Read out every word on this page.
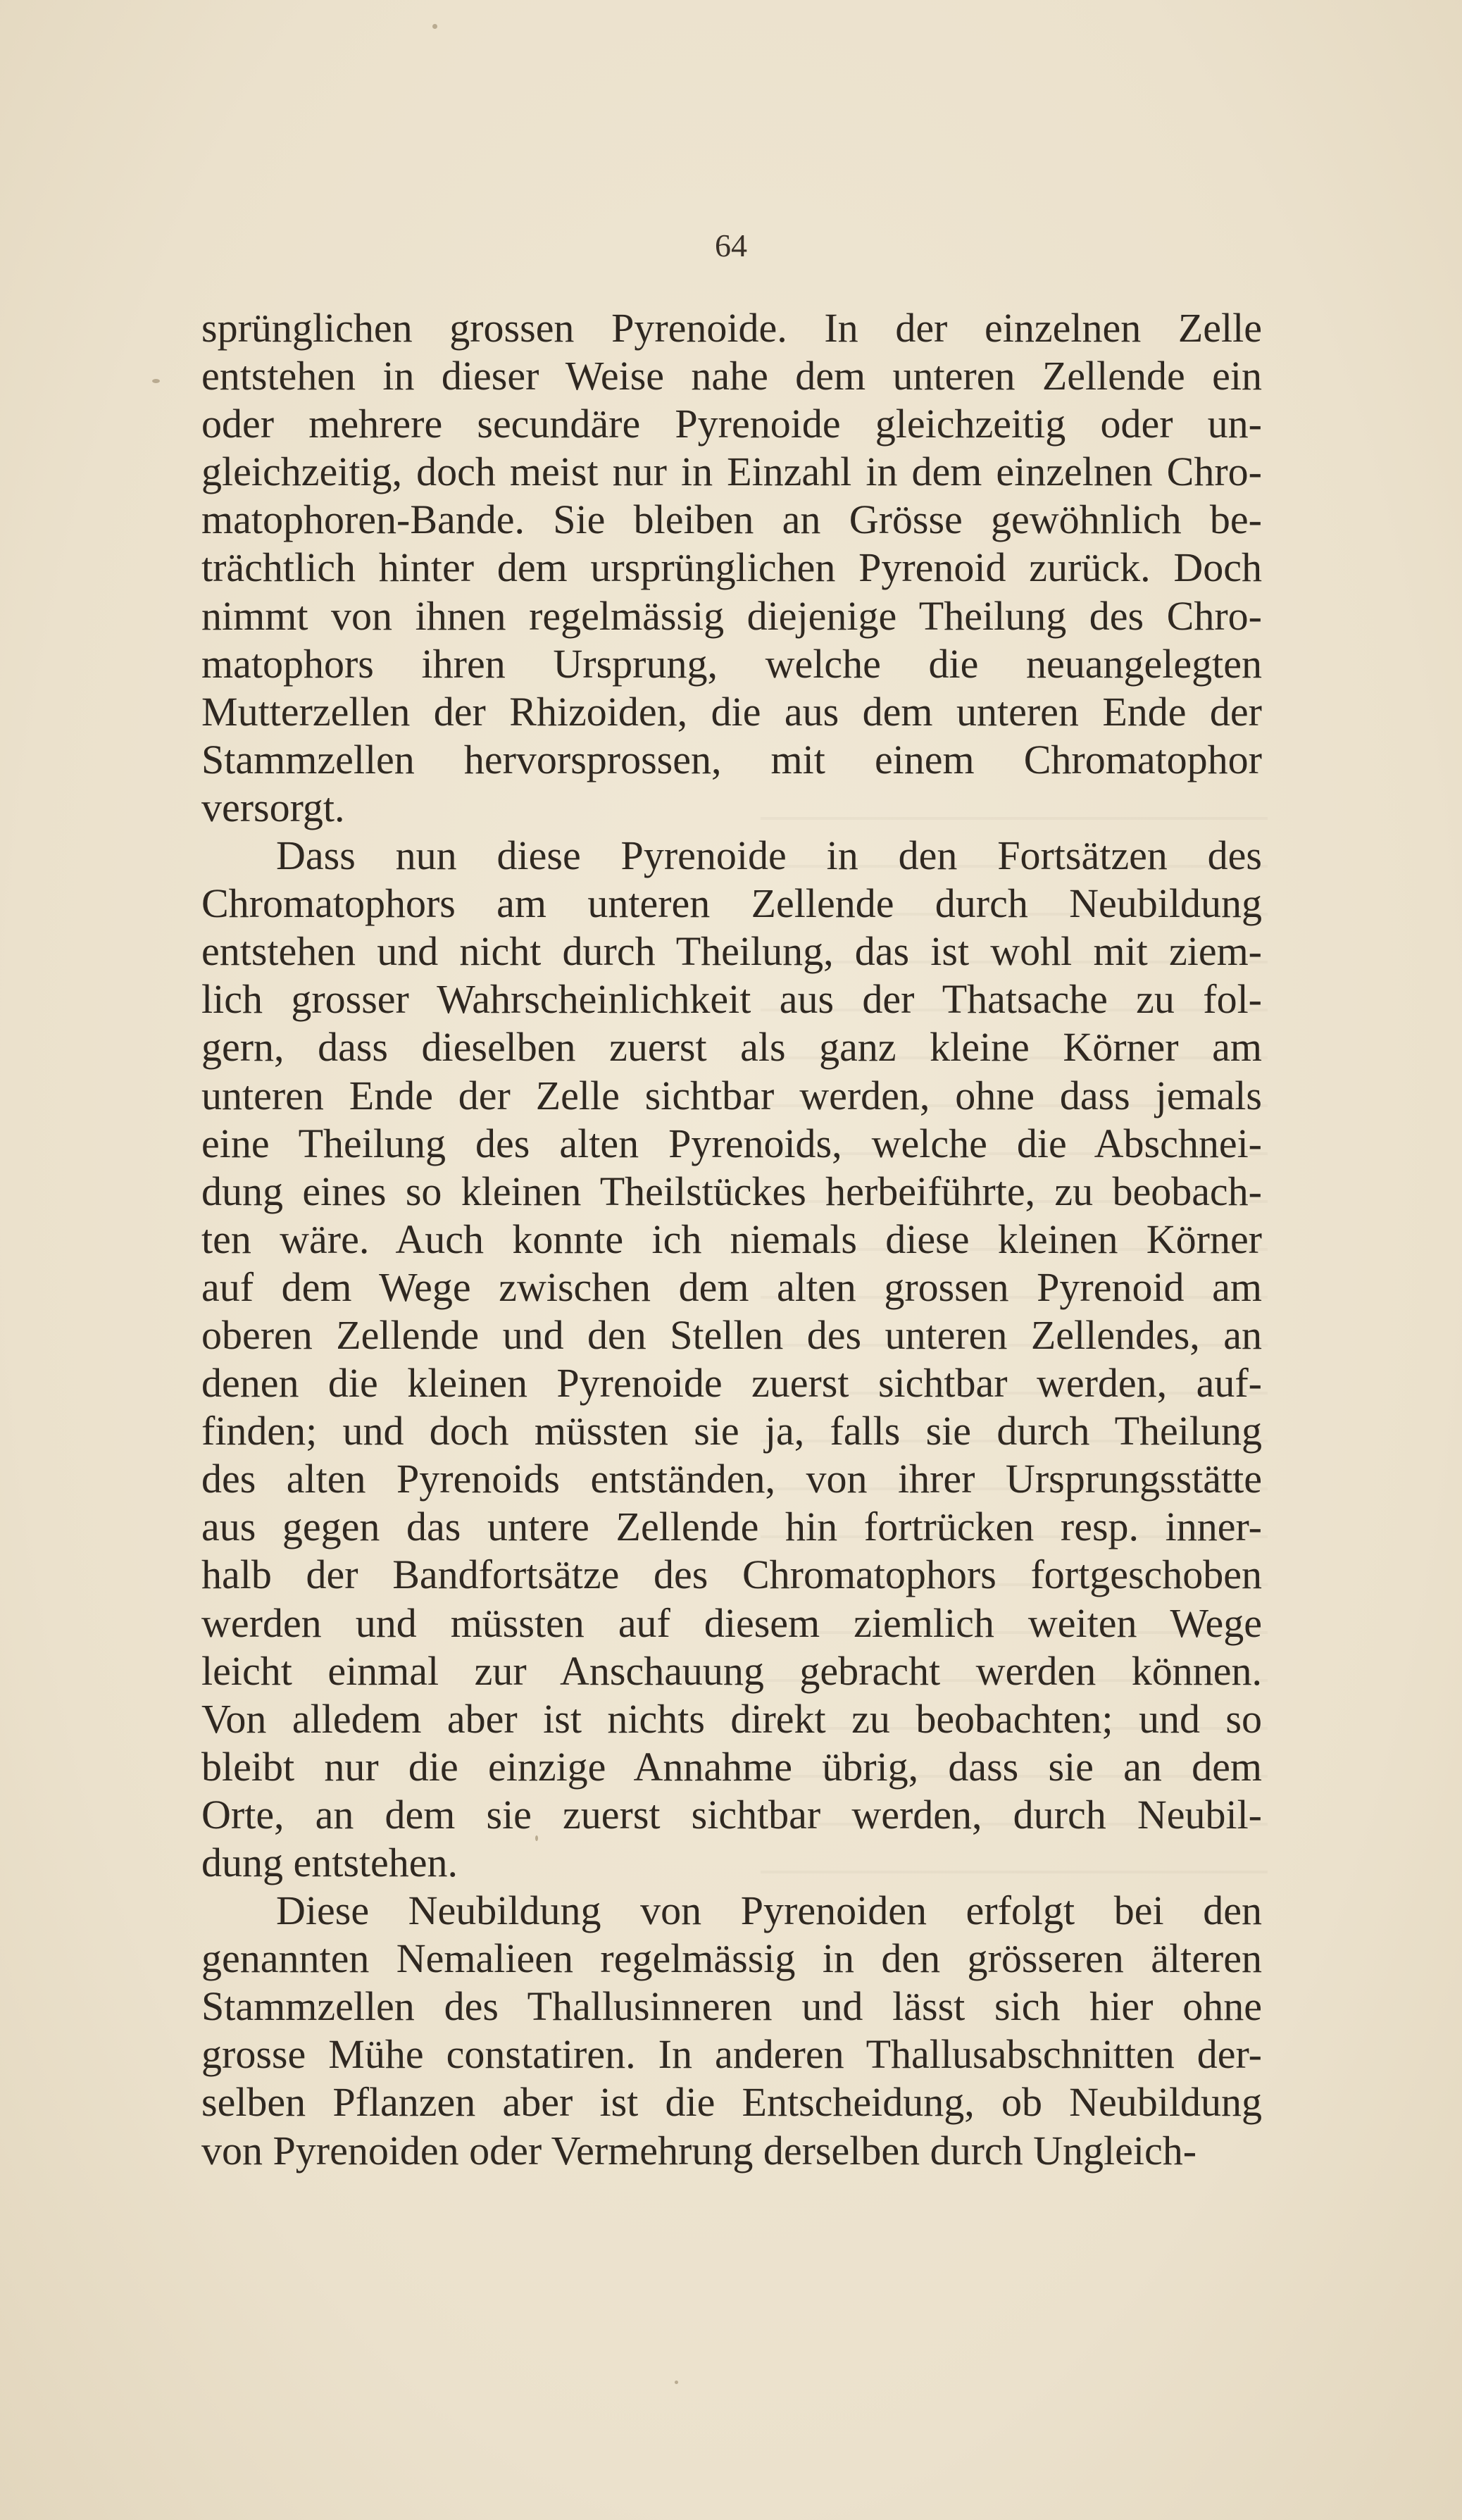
64
sprünglichen grossen Pyrenoide. In der einzelnen Zelle
entstehen in dieser Weise nahe dem unteren Zellende ein
oder mehrere secundäre Pyrenoide gleichzeitig oder un-
gleichzeitig, doch meist nur in Einzahl in dem einzelnen Chro-
matophoren-Bande. Sie bleiben an Grösse gewöhnlich be-
trächtlich hinter dem ursprünglichen Pyrenoid zurück. Doch
nimmt von ihnen regelmässig diejenige Theilung des Chro-
matophors ihren Ursprung, welche die neuangelegten
Mutterzellen der Rhizoiden, die aus dem unteren Ende der
Stammzellen hervorsprossen, mit einem Chromatophor
versorgt.
Dass nun diese Pyrenoide in den Fortsätzen des
Chromatophors am unteren Zellende durch Neubildung
entstehen und nicht durch Theilung, das ist wohl mit ziem-
lich grosser Wahrscheinlichkeit aus der Thatsache zu fol-
gern, dass dieselben zuerst als ganz kleine Körner am
unteren Ende der Zelle sichtbar werden, ohne dass jemals
eine Theilung des alten Pyrenoids, welche die Abschnei-
dung eines so kleinen Theilstückes herbeiführte, zu beobach-
ten wäre. Auch konnte ich niemals diese kleinen Körner
auf dem Wege zwischen dem alten grossen Pyrenoid am
oberen Zellende und den Stellen des unteren Zellendes, an
denen die kleinen Pyrenoide zuerst sichtbar werden, auf-
finden; und doch müssten sie ja, falls sie durch Theilung
des alten Pyrenoids entständen, von ihrer Ursprungsstätte
aus gegen das untere Zellende hin fortrücken resp. inner-
halb der Bandfortsätze des Chromatophors fortgeschoben
werden und müssten auf diesem ziemlich weiten Wege
leicht einmal zur Anschauung gebracht werden können.
Von alledem aber ist nichts direkt zu beobachten; und so
bleibt nur die einzige Annahme übrig, dass sie an dem
Orte, an dem sie zuerst sichtbar werden, durch Neubil-
dung entstehen.
Diese Neubildung von Pyrenoiden erfolgt bei den
genannten Nemalieen regelmässig in den grösseren älteren
Stammzellen des Thallusinneren und lässt sich hier ohne
grosse Mühe constatiren. In anderen Thallusabschnitten der-
selben Pflanzen aber ist die Entscheidung, ob Neubildung
von Pyrenoiden oder Vermehrung derselben durch Ungleich-
